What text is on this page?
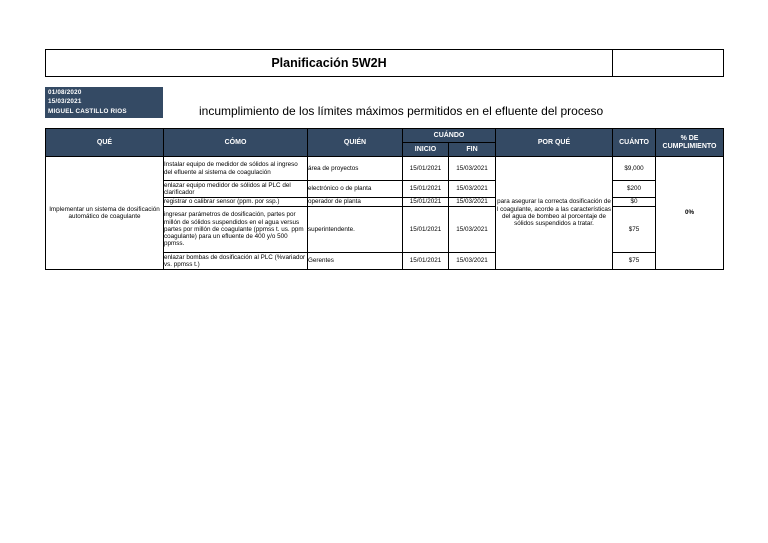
Planificación 5W2H
01/08/2020
15/03/2021
MIGUEL CASTILLO RIOS	incumplimiento de los límites máximos permitidos en el efluente del proceso
QUÉ	CÓMO	QUIÉN	CUÁNDO		POR QUÉ	CUÁNTO	% DE CUMPLIMIENTO
			INICIO	FIN			
Implementar un sistema de dosificación automático de coagulante	Instalar equipo de medidor de sólidos al ingreso del efluente al sistema de coagulación	área de proyectos	15/01/2021	15/03/2021	para asegurar la correcta dosificación de l coagulante, acorde a las características del agua de bombeo al porcentaje de sólidos suspendidos a tratar.	$9,000	0%
	enlazar equipo medidor de sólidos al PLC del clarificador	electrónico o de planta	15/01/2021	15/03/2021		$200	
	registrar o calibrar sensor (ppm. por ssp.)	operador de planta	15/01/2021	15/03/2021		$0	
	ingresar parámetros de dosificación, partes por millón de sólidos suspendidos en el agua versus partes por millón de coagulante (ppmss t. us. ppm coagulante) para un efluente de 400 y/o 500 ppmss.	superintendente.	15/01/2021	15/03/2021		$75	
	enlazar bombas de dosificación al PLC (%variador vs. ppmss t.)	Gerentes	15/01/2021	15/03/2021		$75	
